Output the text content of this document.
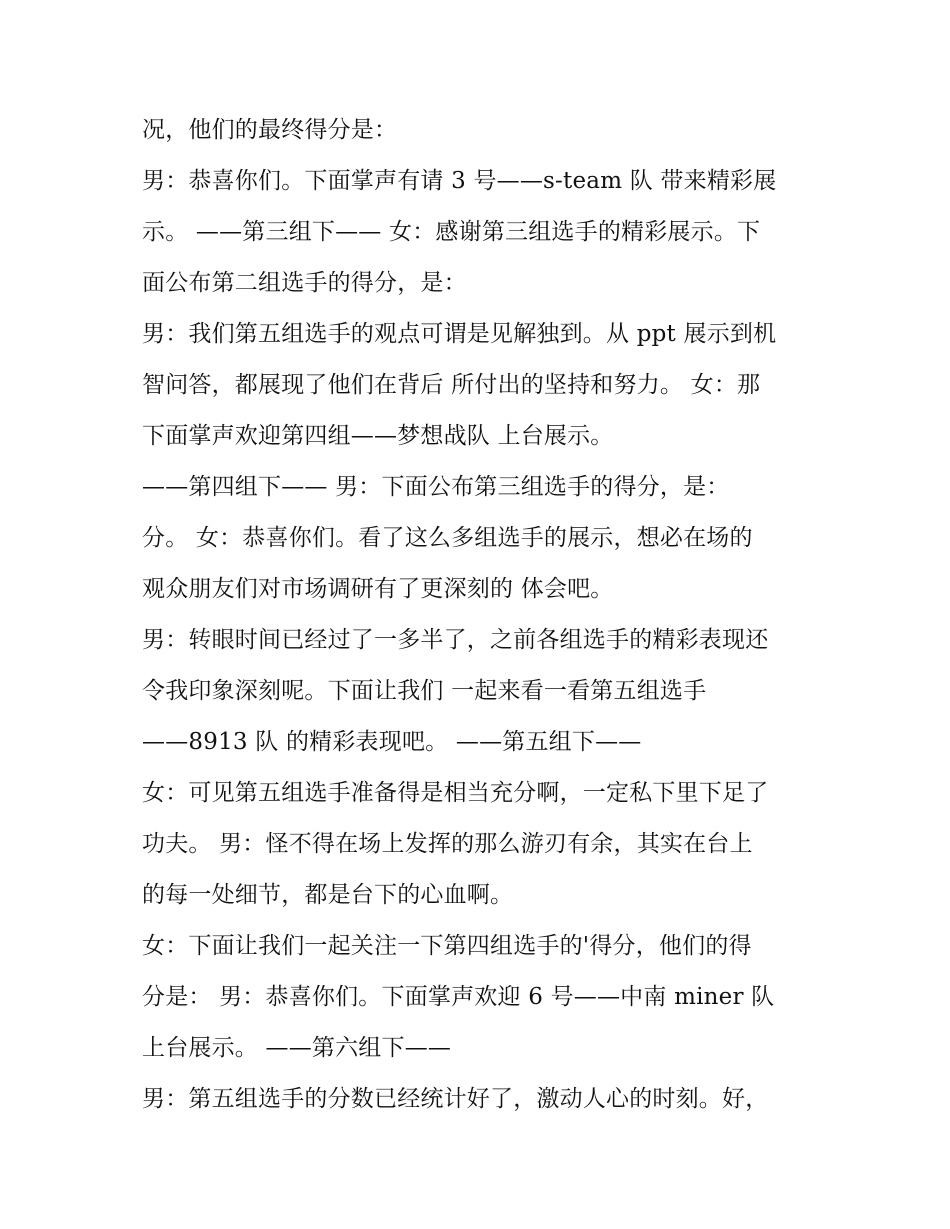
况，他们的最终得分是：
男：恭喜你们。下面掌声有请 3 号——s-team 队 带来精彩展
示。 ——第三组下—— 女：感谢第三组选手的精彩展示。下
面公布第二组选手的得分，是：
男：我们第五组选手的观点可谓是见解独到。从 ppt 展示到机
智问答，都展现了他们在背后 所付出的坚持和努力。 女：那
下面掌声欢迎第四组——梦想战队 上台展示。
——第四组下—— 男：下面公布第三组选手的得分，是：
分。 女：恭喜你们。看了这么多组选手的展示，想必在场的
观众朋友们对市场调研有了更深刻的 体会吧。
男：转眼时间已经过了一多半了，之前各组选手的精彩表现还
令我印象深刻呢。下面让我们 一起来看一看第五组选手
——8913 队 的精彩表现吧。 ——第五组下——
女：可见第五组选手准备得是相当充分啊，一定私下里下足了
功夫。 男：怪不得在场上发挥的那么游刃有余，其实在台上
的每一处细节，都是台下的心血啊。
女：下面让我们一起关注一下第四组选手的'得分，他们的得
分是： 男：恭喜你们。下面掌声欢迎 6 号——中南 miner 队
上台展示。 ——第六组下——
男：第五组选手的分数已经统计好了，激动人心的时刻。好，
